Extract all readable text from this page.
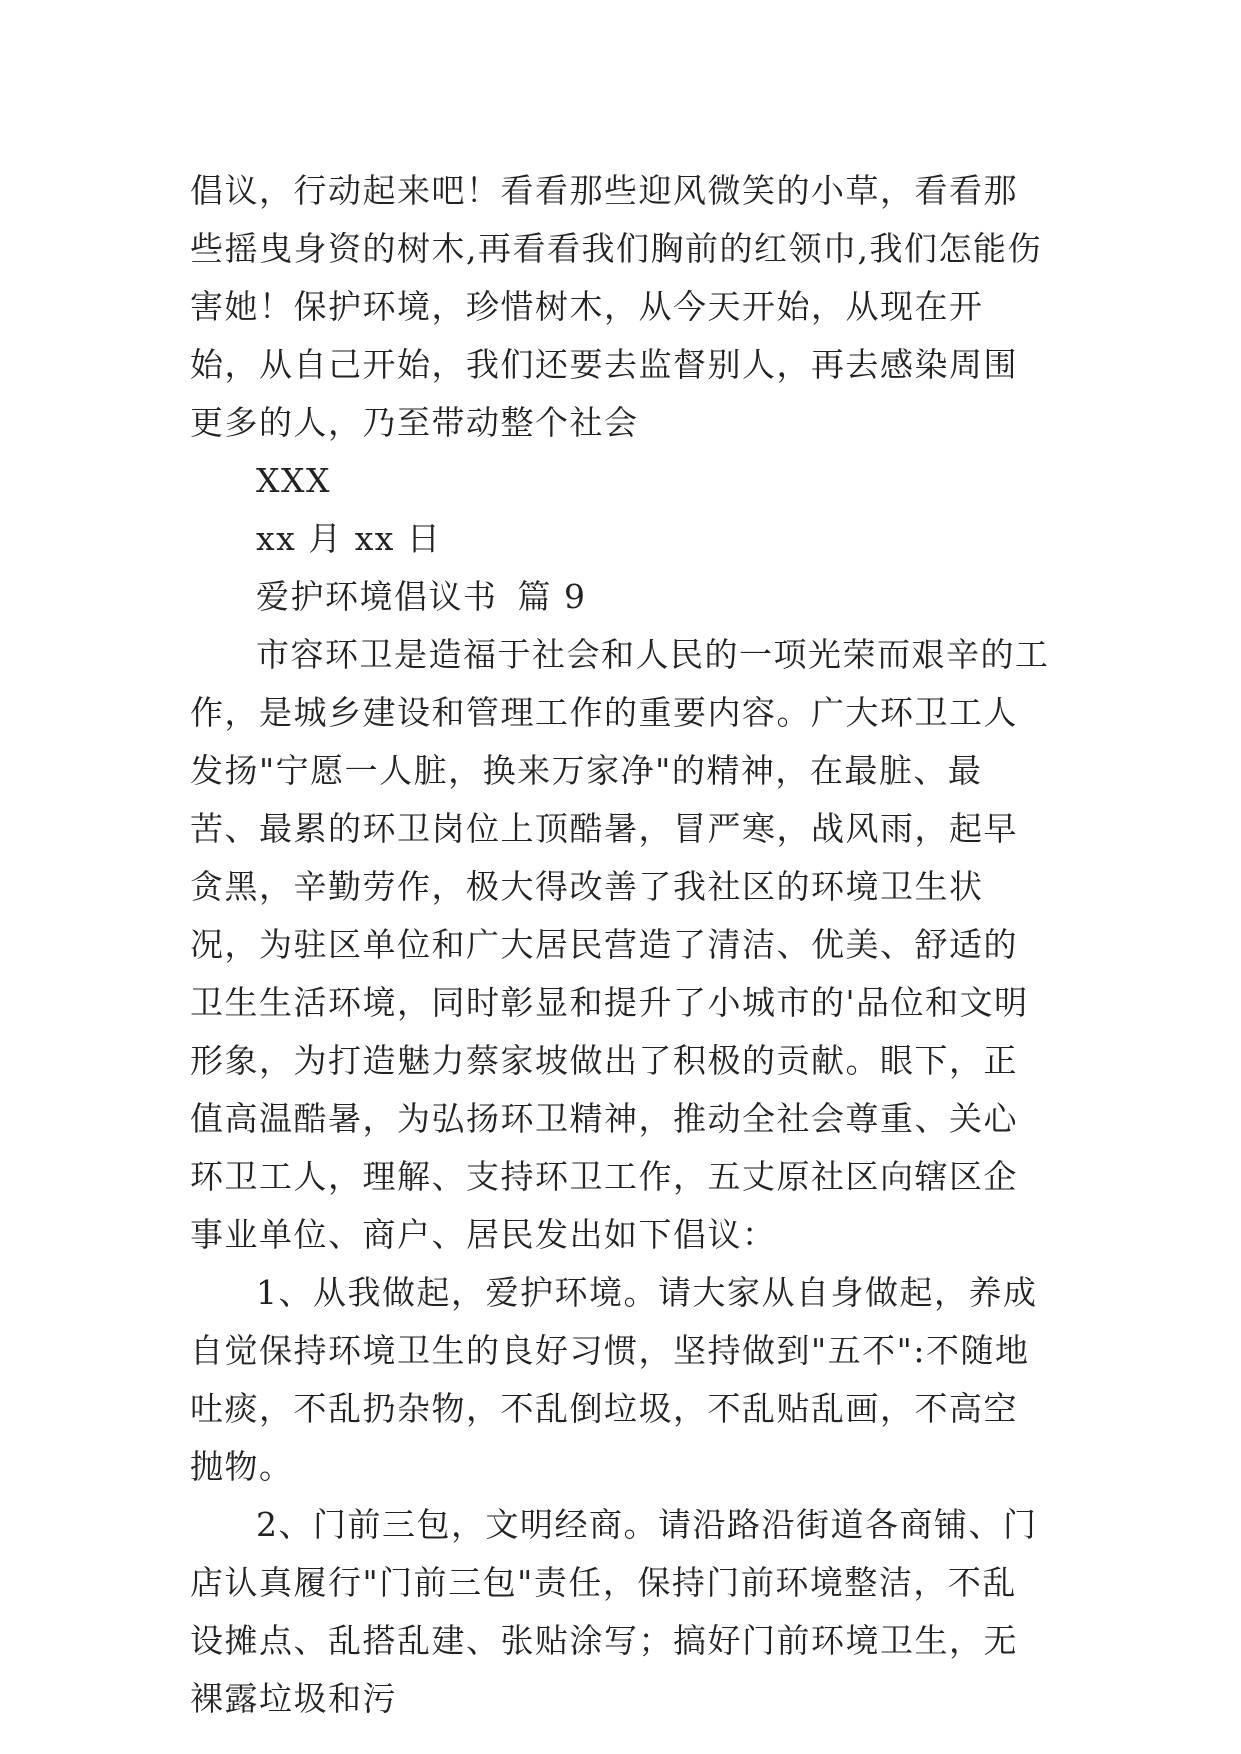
倡议，行动起来吧！看看那些迎风微笑的小草，看看那些摇曳身资的树木,再看看我们胸前的红领巾,我们怎能伤害她！保护环境，珍惜树木，从今天开始，从现在开始，从自己开始，我们还要去监督别人，再去感染周围更多的人，乃至带动整个社会

XXX

xx 月 xx 日

爱护环境倡议书 篇 9

市容环卫是造福于社会和人民的一项光荣而艰辛的工作，是城乡建设和管理工作的重要内容。广大环卫工人发扬"宁愿一人脏，换来万家净"的精神，在最脏、最苦、最累的环卫岗位上顶酷暑，冒严寒，战风雨，起早贪黑，辛勤劳作，极大得改善了我社区的环境卫生状况，为驻区单位和广大居民营造了清洁、优美、舒适的卫生生活环境，同时彰显和提升了小城市的'品位和文明形象，为打造魅力蔡家坡做出了积极的贡献。眼下，正值高温酷暑，为弘扬环卫精神，推动全社会尊重、关心环卫工人，理解、支持环卫工作，五丈原社区向辖区企事业单位、商户、居民发出如下倡议：

1、从我做起，爱护环境。请大家从自身做起，养成自觉保持环境卫生的良好习惯，坚持做到"五不":不随地吐痰，不乱扔杂物，不乱倒垃圾，不乱贴乱画，不高空抛物。

2、门前三包，文明经商。请沿路沿街道各商铺、门店认真履行"门前三包"责任，保持门前环境整洁，不乱设摊点、乱搭乱建、张贴涂写；搞好门前环境卫生，无裸露垃圾和污
